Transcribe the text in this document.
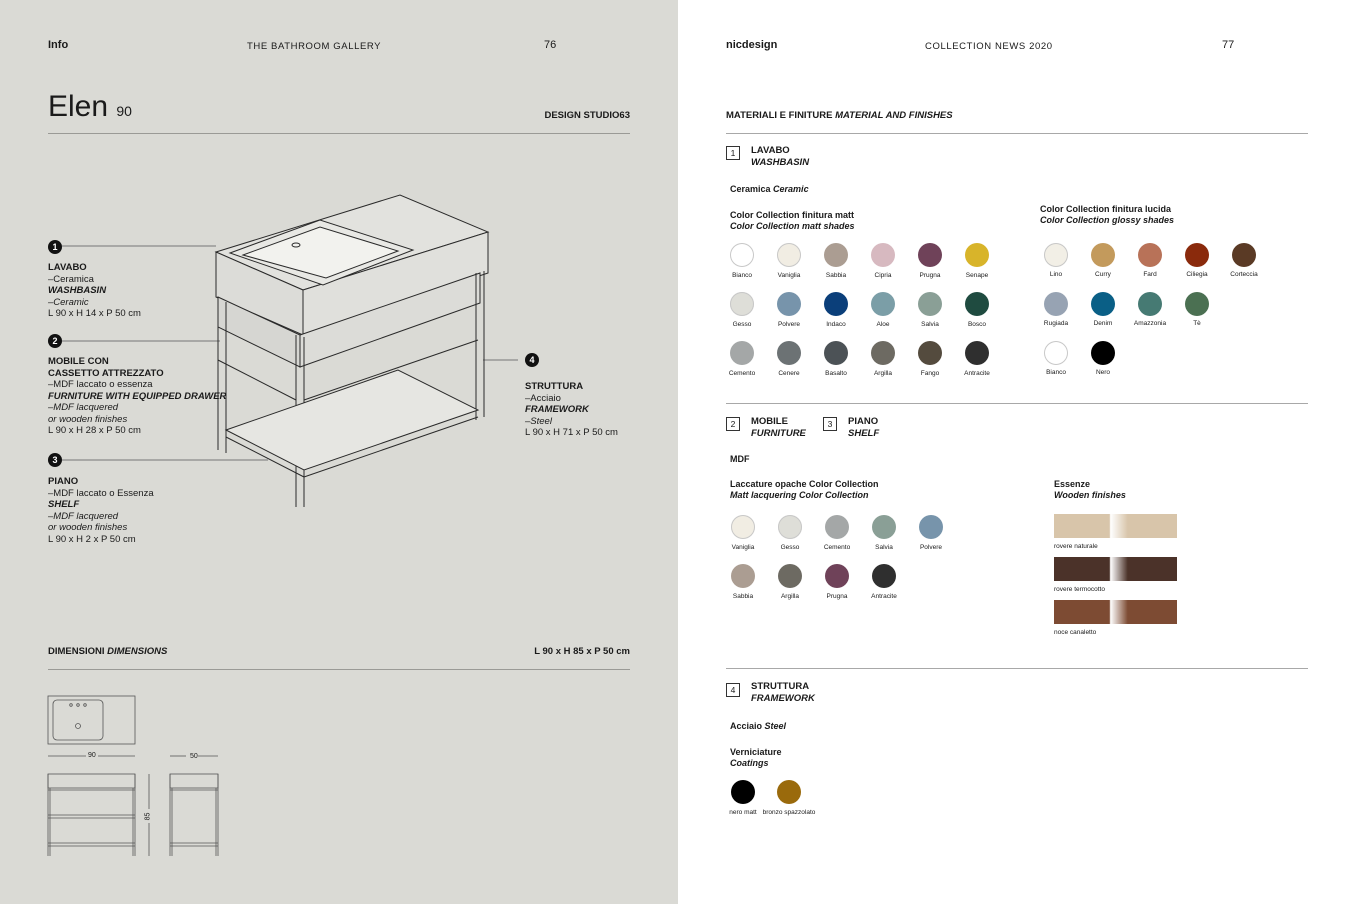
Info	THE BATHROOM GALLERY	76
Elen 90	DESIGN STUDIO63
1
LAVABO
–Ceramica
WASHBASIN
–Ceramic
L 90 x H 14 x P 50 cm
2
MOBILE CON
CASSETTO ATTREZZATO
–MDF laccato o essenza
FURNITURE WITH EQUIPPED DRAWER
–MDF lacquered
or wooden finishes
L 90 x H 28 x P 50 cm
3
PIANO
–MDF laccato o Essenza
SHELF
–MDF lacquered
or wooden finishes
L 90 x H 2 x P 50 cm
4
STRUTTURA
–Acciaio
FRAMEWORK
–Steel
L 90 x H 71 x P 50 cm
DIMENSIONI DIMENSIONS	L 90 x H 85 x P 50 cm
90	50
85
nicdesign	COLLECTION NEWS 2020	77
MATERIALI E FINITURE MATERIAL AND FINISHES
1	LAVABO
WASHBASIN
Ceramica Ceramic
Color Collection finitura matt
Color Collection matt shades
Color Collection finitura lucida
Color Collection glossy shades
Bianco	Vaniglia	Sabbia	Cipria	Prugna	Senape
Gesso	Polvere	Indaco	Aloe	Salvia	Bosco
Cemento	Cenere	Basalto	Argilla	Fango	Antracite
Lino	Curry	Fard	Ciliegia	Corteccia
Rugiada	Denim	Amazzonia	Tè
Bianco	Nero
2	MOBILE
FURNITURE
3	PIANO
SHELF
MDF
Laccature opache Color Collection
Matt lacquering Color Collection
Essenze
Wooden finishes
Vaniglia	Gesso	Cemento	Salvia	Polvere
Sabbia	Argilla	Prugna	Antracite
rovere naturale
rovere termocotto
noce canaletto
4	STRUTTURA
FRAMEWORK
Acciaio Steel
Verniciature
Coatings
nero matt bronzo spazzolato
